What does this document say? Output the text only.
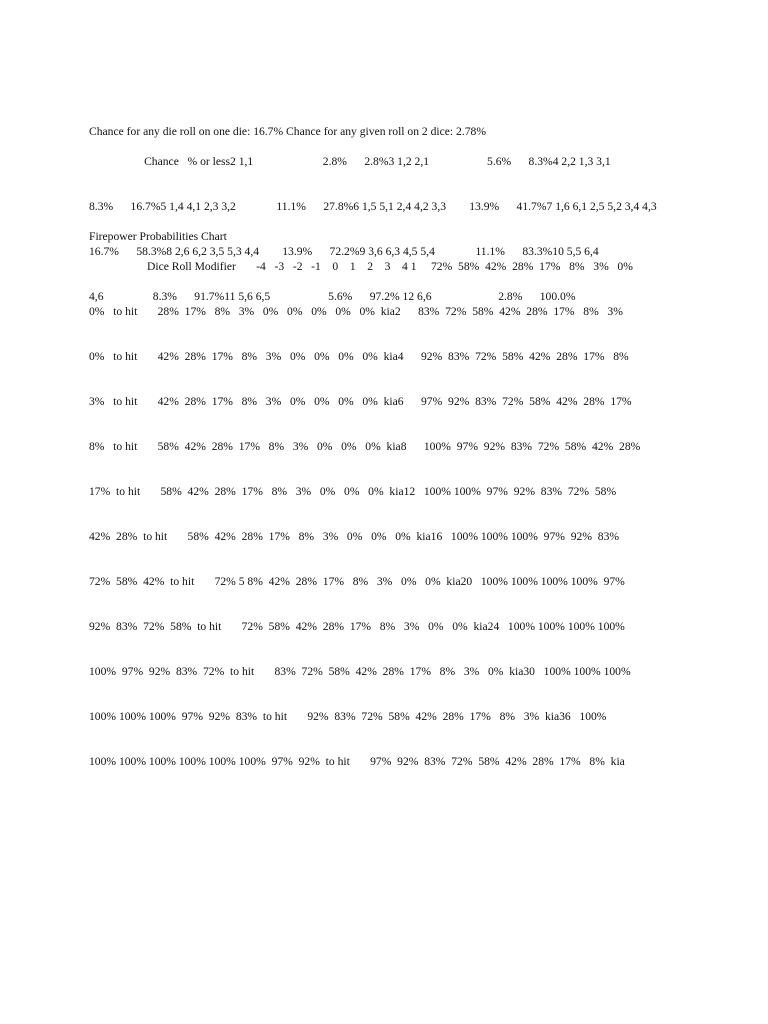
Chance for any die roll on one die: 16.7% Chance for any given roll on 2 dice: 2.78%

Chance   % or less2 1,1                        2.8%      2.8%3 1,2 2,1                    5.6%      8.3%4 2,2 1,3 3,1

8.3%      16.7%5 1,4 4,1 2,3 3,2              11.1%      27.8%6 1,5 5,1 2,4 4,2 3,3        13.9%      41.7%7 1,6 6,1 2,5 5,2 3,4 4,3

16.7%      58.3%8 2,6 6,2 3,5 5,3 4,4        13.9%      72.2%9 3,6 6,3 4,5 5,4              11.1%      83.3%10 5,5 6,4

4,6                 8.3%      91.7%11 5,6 6,5                    5.6%      97.2% 12 6,6                       2.8%      100.0%

Firepower Probabilities Chart

Dice Roll Modifier       -4   -3   -2   -1    0    1    2    3    4 1     72%  58%  42%  28%  17%   8%   3%   0%

0%   to hit       28%  17%   8%   3%   0%   0%   0%   0%   0%  kia2      83%  72%  58%  42%  28%  17%   8%   3%

0%   to hit       42%  28%  17%   8%   3%   0%   0%   0%   0%  kia4      92%  83%  72%  58%  42%  28%  17%   8%

3%   to hit       42%  28%  17%   8%   3%   0%   0%   0%   0%  kia6      97%  92%  83%  72%  58%  42%  28%  17%

8%   to hit       58%  42%  28%  17%   8%   3%   0%   0%   0%  kia8      100%  97%  92%  83%  72%  58%  42%  28%

17%  to hit       58%  42%  28%  17%   8%   3%   0%   0%   0%  kia12   100% 100%  97%  92%  83%  72%  58%

42%  28%  to hit       58%  42%  28%  17%   8%   3%   0%   0%   0%  kia16   100% 100% 100%  97%  92%  83%

72%  58%  42%  to hit       72% 5 8%  42%  28%  17%   8%   3%   0%   0%  kia20   100% 100% 100% 100%  97%

92%  83%  72%  58%  to hit       72%  58%  42%  28%  17%   8%   3%   0%   0%  kia24   100% 100% 100% 100%

100%  97%  92%  83%  72%  to hit       83%  72%  58%  42%  28%  17%   8%   3%   0%  kia30   100% 100% 100%

100% 100% 100%  97%  92%  83%  to hit       92%  83%  72%  58%  42%  28%  17%   8%   3%  kia36   100%

100% 100% 100% 100% 100% 100%  97%  92%  to hit       97%  92%  83%  72%  58%  42%  28%  17%   8%  kia
